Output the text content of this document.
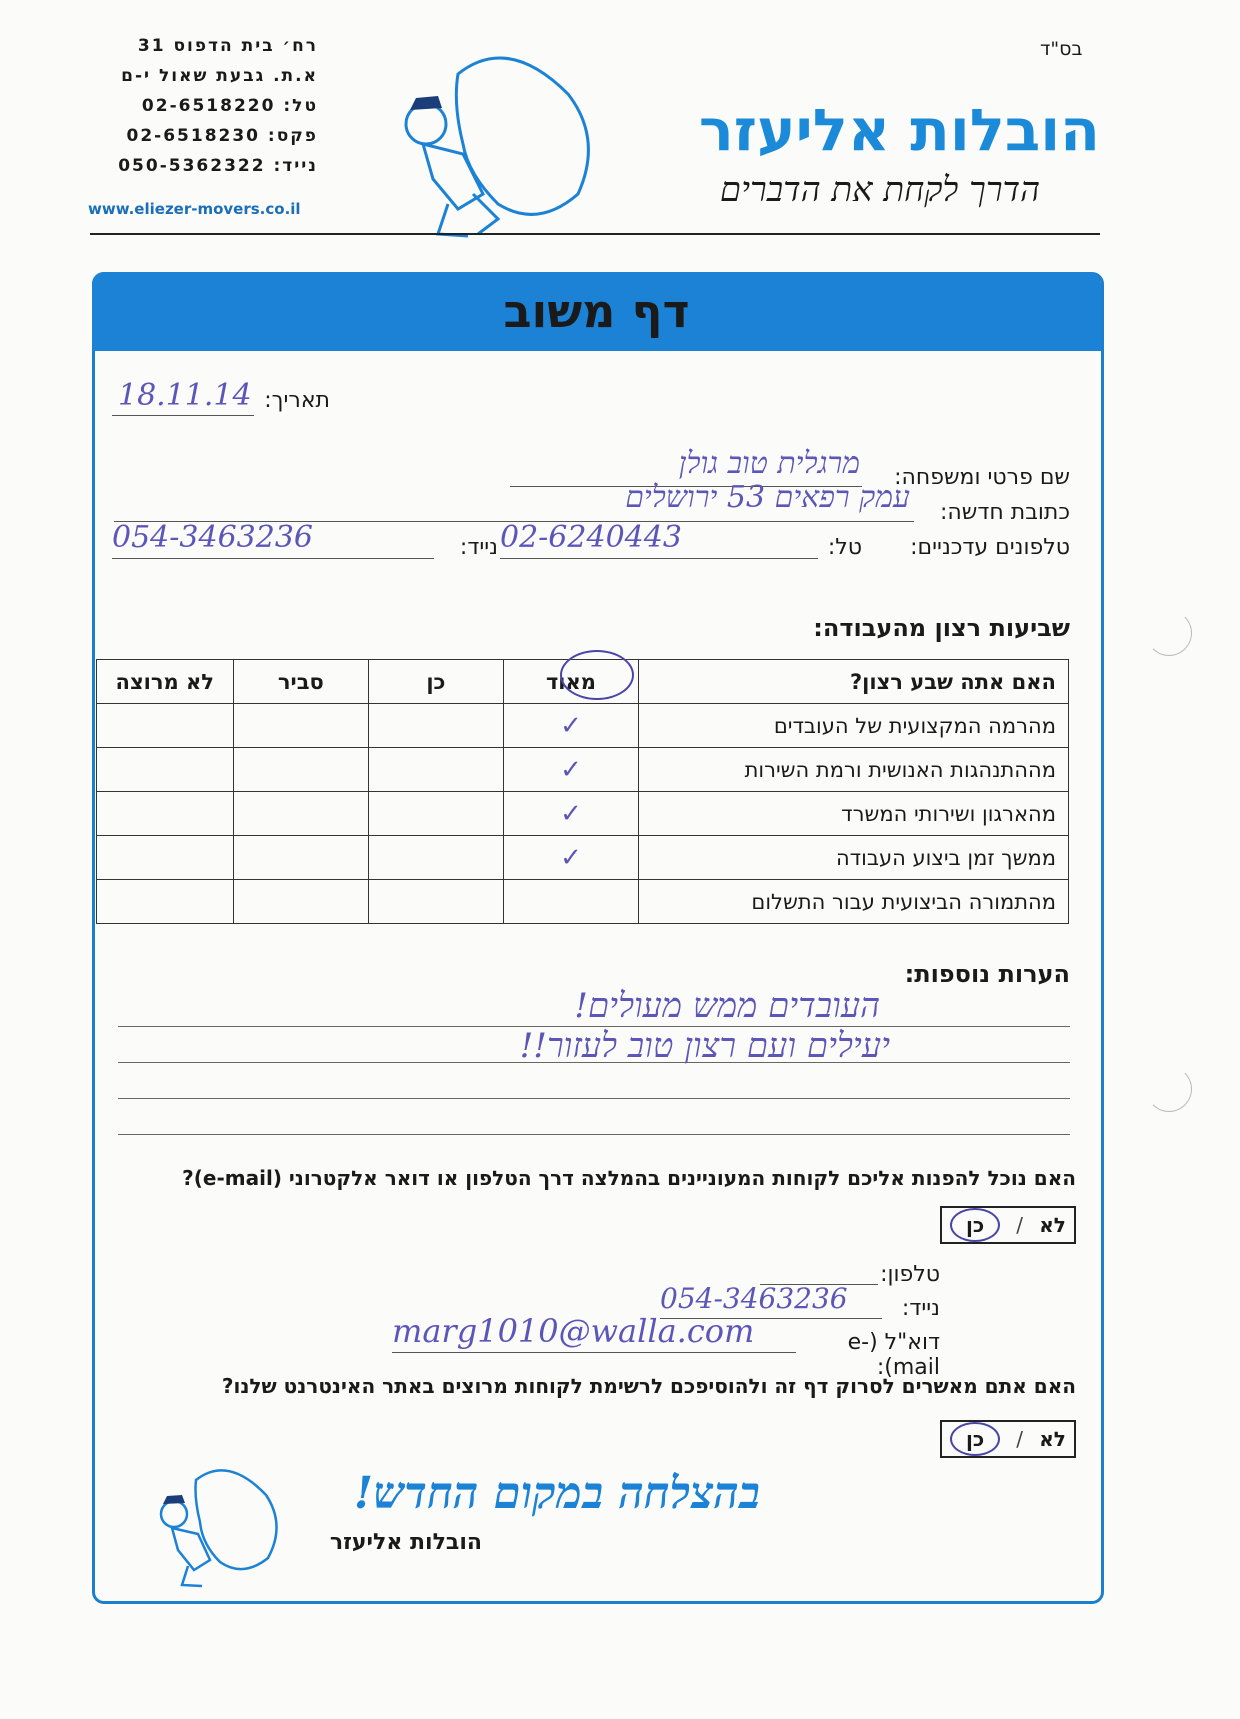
בס"ד
רח׳ בית הדפוס 31
א.ת. גבעת שאול י-ם
טל: 02-6518220
פקס: 02-6518230
נייד: 050-5362322
www.eliezer-movers.co.il
הובלות אליעזר
הדרך לקחת את הדברים
דף משוב
תאריך:
18.11.14
שם פרטי ומשפחה:
מרגלית טוב גולן
כתובת חדשה:
עמק רפאים 53 ירושלים
טלפונים עדכניים:
טל:
02-6240443
נייד:
054-3463236
שביעות רצון מהעבודה:
האם אתה שבע רצון?	מאוד	כן	סביר	לא מרוצה
מהרמה המקצועית של העובדים	✓			
מההתנהגות האנושית ורמת השירות	✓			
מהארגון ושירותי המשרד	✓			
ממשך זמן ביצוע העבודה	✓			
מהתמורה הביצועית עבור התשלום				
הערות נוספות:
העובדים ממש מעולים!
יעילים ועם רצון טוב לעזור!!
האם נוכל להפנות אליכם לקוחות המעוניינים בהמלצה דרך הטלפון או דואר אלקטרוני (e-mail)?
לא
/
כן
טלפון:
נייד:
054-3463236
דוא"ל (e-mail):
marg1010@walla.com
האם אתם מאשרים לסרוק דף זה ולהוסיפכם לרשימת לקוחות מרוצים באתר האינטרנט שלנו?
לא
/
כן
בהצלחה במקום החדש!
הובלות אליעזר
